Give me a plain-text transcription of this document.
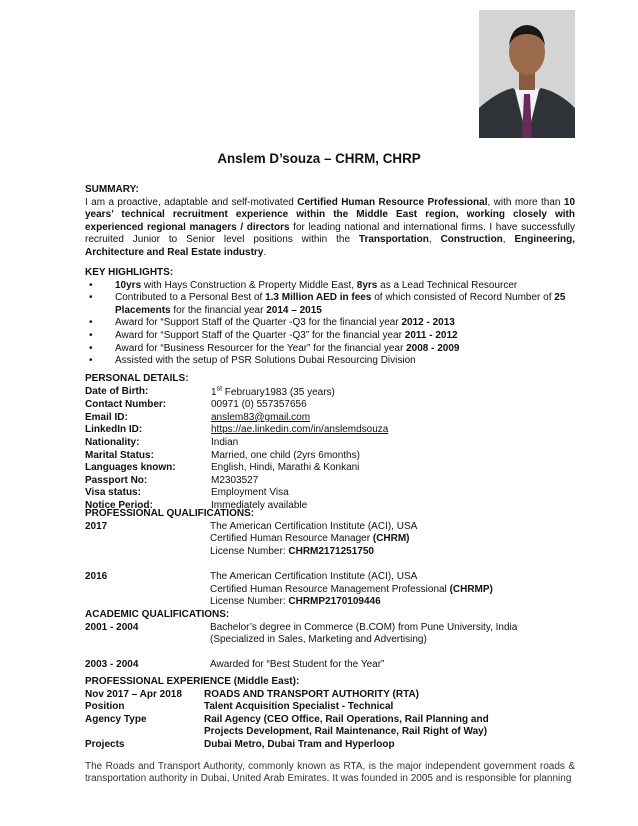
Anslem D’souza – CHRM, CHRP
SUMMARY:

I am a proactive, adaptable and self-motivated Certified Human Resource Professional, with more than 10 years’ technical recruitment experience within the Middle East region, working closely with experienced regional managers / directors for leading national and international firms. I have successfully recruited Junior to Senior level positions within the Transportation, Construction, Engineering, Architecture and Real Estate industry.

KEY HIGHLIGHTS:
• 10yrs with Hays Construction & Property Middle East, 8yrs as a Lead Technical Resourcer
• Contributed to a Personal Best of 1.3 Million AED in fees of which consisted of Record Number of 25 Placements for the financial year 2014 – 2015
• Award for “Support Staff of the Quarter -Q3 for the financial year 2012 - 2013
• Award for “Support Staff of the Quarter -Q3” for the financial year 2011 - 2012
• Award for “Business Resourcer for the Year” for the financial year 2008 - 2009
• Assisted with the setup of PSR Solutions Dubai Resourcing Division
PERSONAL DETAILS:
Date of Birth:	1st February1983 (35 years)
Contact Number:	00971 (0) 557357656
Email ID:	anslem83@gmail.com
LinkedIn ID:	https://ae.linkedin.com/in/anslemdsouza
Nationality:	Indian
Marital Status:	Married, one child (2yrs 6months)
Languages known:	English, Hindi, Marathi & Konkani
Passport No:	M2303527
Visa status:	Employment Visa
Notice Period:	Immediately available
PROFESSIONAL QUALIFICATIONS:
2017	The American Certification Institute (ACI), USA
Certified Human Resource Manager (CHRM)
License Number: CHRM2171251750
2016	The American Certification Institute (ACI), USA
Certified Human Resource Management Professional (CHRMP)
License Number: CHRMP2170109446
ACADEMIC QUALIFICATIONS:
2001 - 2004	Bachelor’s degree in Commerce (B.COM) from Pune University, India
(Specialized in Sales, Marketing and Advertising)
2003 - 2004	Awarded for “Best Student for the Year”
PROFESSIONAL EXPERIENCE (Middle East):
Nov 2017 – Apr 2018 ROADS AND TRANSPORT AUTHORITY (RTA)
Position	Talent Acquisition Specialist - Technical
Agency Type	Rail Agency (CEO Office, Rail Operations, Rail Planning and
Projects Development, Rail Maintenance, Rail Right of Way)
Projects	Dubai Metro, Dubai Tram and Hyperloop

The Roads and Transport Authority, commonly known as RTA, is the major independent government roads & transportation authority in Dubai, United Arab Emirates. It was founded in 2005 and is responsible for planning
